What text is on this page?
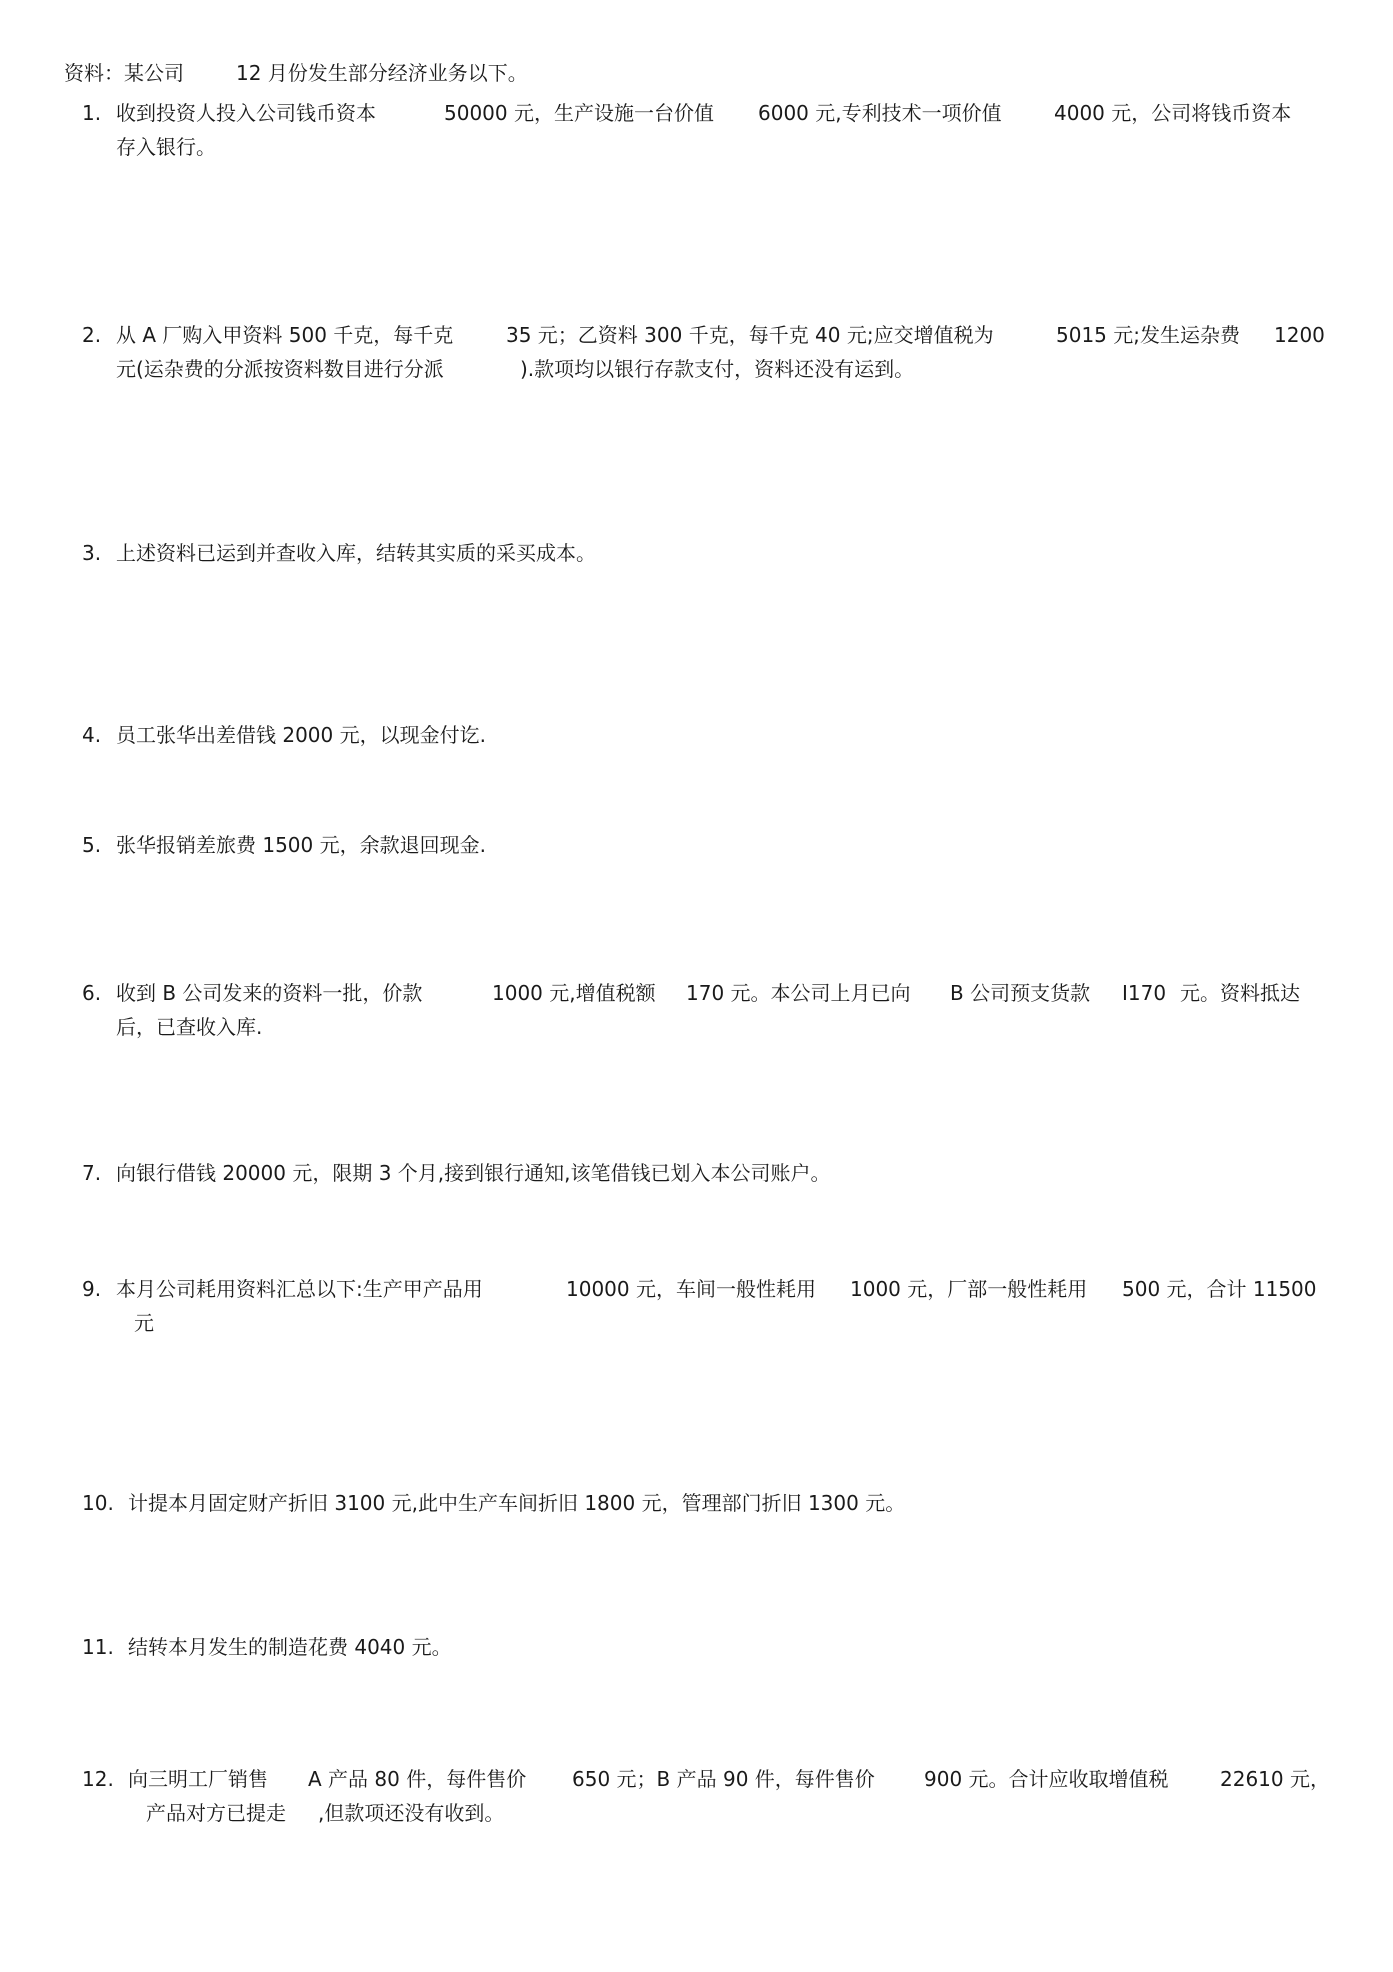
资料：某公司	12 月份发生部分经济业务以下。
1. 收到投资人投入公司钱币资本	50000 元，生产设施一台价值 6000 元,专利技术一项价值	4000 元，公司将钱币资本
存入银行。
2. 从 A 厂购入甲资料 500 千克，每千克	35 元；乙资料 300 千克，每千克 40 元;应交增值税为	5015 元;发生运杂费 1200
元(运杂费的分派按资料数目进行分派	).款项均以银行存款支付，资料还没有运到。
3. 上述资料已运到并查收入库，结转其实质的采买成本。
4. 员工张华出差借钱 2000 元，以现金付讫.
5. 张华报销差旅费 1500 元，余款退回现金.
6. 收到 B 公司发来的资料一批，价款	1000 元,增值税额 170 元。本公司上月已向 B 公司预支货款 I170 元。资料抵达
后，已查收入库.
7. 向银行借钱 20000 元，限期 3 个月,接到银行通知,该笔借钱已划入本公司账户。
9. 本月公司耗用资料汇总以下:生产甲产品用	10000 元，车间一般性耗用 1000 元，厂部一般性耗用 500 元，合计 11500
元
10. 计提本月固定财产折旧 3100 元,此中生产车间折旧 1800 元，管理部门折旧 1300 元。
11. 结转本月发生的制造花费 4040 元。
12. 向三明工厂销售 A 产品 80 件，每件售价 650 元；B 产品 90 件，每件售价 900 元。合计应收取增值税	22610 元，
产品对方已提走 ,但款项还没有收到。
